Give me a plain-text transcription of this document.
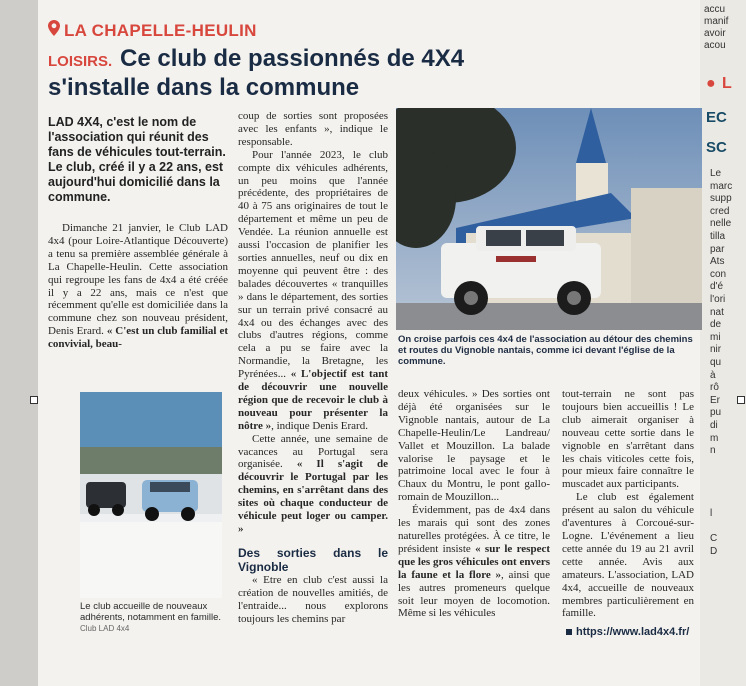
accu
manif
avoir
acou
● L
EC
SC
Le
marc
supp
cred
nelle
tilla
par
Ats
con
d'é
l'ori
nat
de
mi
nir
qu
à
rô
Er
pu
di
m
n
l
C
D
LA CHAPELLE-HEULIN
LOISIRS. Ce club de passionnés de 4X4
s'installe dans la commune
LAD 4X4, c'est le nom de l'association qui réunit des fans de véhicules tout-terrain. Le club, créé il y a 22 ans, est aujourd'hui domicilié dans la commune.

Dimanche 21 janvier, le Club LAD 4x4 (pour Loire-Atlantique Découverte) a tenu sa première assemblée générale à La Chapelle-Heulin. Cette association qui regroupe les fans de 4x4 a été créée il y a 22 ans, mais ce n'est que récemment qu'elle est domiciliée dans la commune chez son nouveau président, Denis Erard. « C'est un club familial et convivial, beau-

coup de sorties sont proposées avec les enfants », indique le responsable.

Pour l'année 2023, le club compte dix véhicules adhérents, un peu moins que l'année précédente, des propriétaires de 40 à 75 ans originaires de tout le département et même un peu de Vendée. La réunion annuelle est aussi l'occasion de planifier les sorties annuelles, neuf ou dix en moyenne qui peuvent être : des balades découvertes « tranquilles » dans le département, des sorties sur un terrain privé consacré au 4x4 ou des échanges avec des clubs d'autres régions, comme cela a pu se faire avec la Normandie, la Bretagne, les Pyrénées... « L'objectif est tant de découvrir une nouvelle région que de recevoir le club à nouveau pour présenter la nôtre », indique Denis Erard.

Cette année, une semaine de vacances au Portugal sera organisée. « Il s'agit de découvrir le Portugal par les chemins, en s'arrêtant dans des sites où chaque conducteur de véhicule peut loger ou camper. »

Des sorties dans le Vignoble

« Etre en club c'est aussi la création de nouvelles amitiés, de l'entraide... nous explorons toujours les chemins par

deux véhicules. » Des sorties ont déjà été organisées sur le Vignoble nantais, autour de La Chapelle-Heulin/Le Landreau/ Vallet et Mouzillon. La balade valorise le paysage et le patrimoine local avec le four à Chaux du Montru, le pont gallo-romain de Mouzillon...

Évidemment, pas de 4x4 dans les marais qui sont des zones naturelles protégées. À ce titre, le président insiste « sur le respect que les gros véhicules ont envers la faune et la flore », ainsi que les autres promeneurs quelque soit leur moyen de locomotion. Même si les véhicules

tout-terrain ne sont pas toujours bien accueillis ! Le club aimerait organiser à nouveau cette sortie dans le vignoble en s'arrêtant dans les chais viticoles cette fois, pour mieux faire connaître le muscadet aux participants.

Le club est également présent au salon du véhicule d'aventures à Corcoué-sur-Logne. L'événement a lieu cette année du 19 au 21 avril cette année. Avis aux amateurs. L'association, LAD 4x4, accueille de nouveaux membres particulièrement en famille.

https://www.lad4x4.fr/
On croise parfois ces 4x4 de l'association au détour des chemins et routes du Vignoble nantais, comme ici devant l'église de la commune.
Le club accueille de nouveaux adhérents, notamment en famille. Club LAD 4x4
